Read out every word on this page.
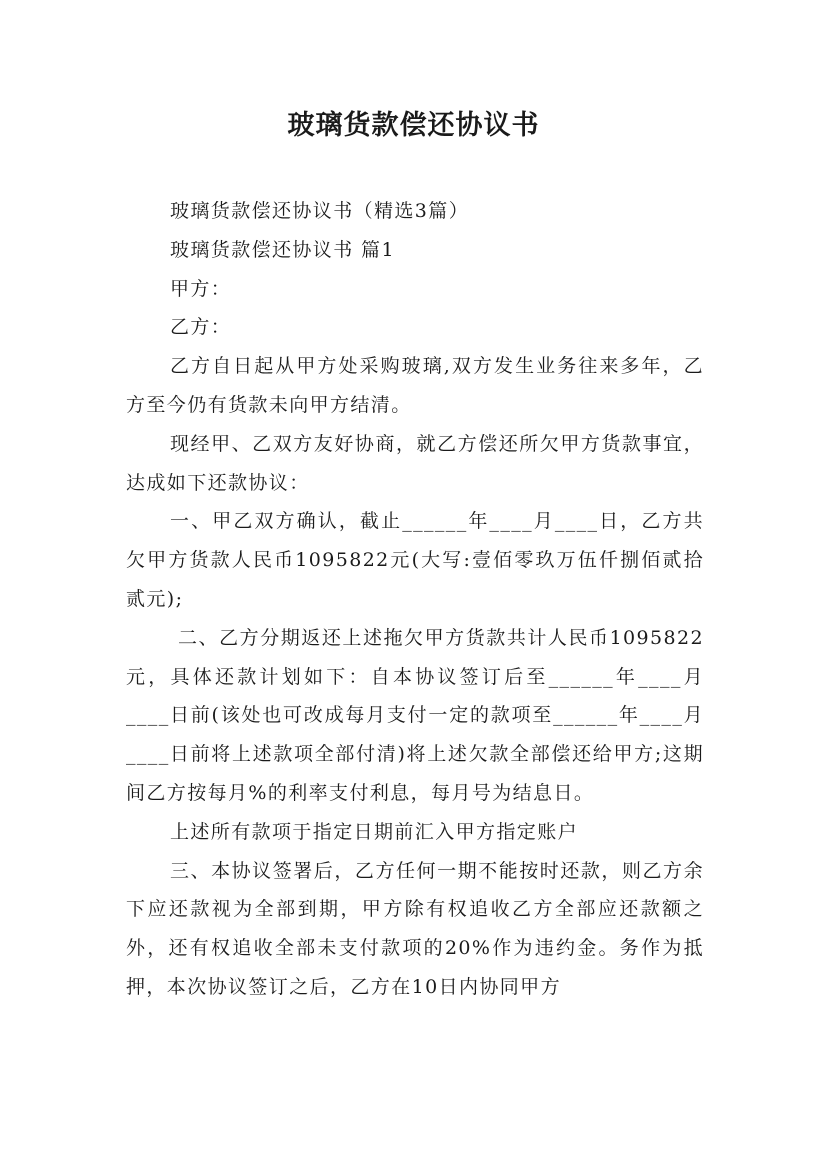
玻璃货款偿还协议书

玻璃货款偿还协议书（精选3篇）

玻璃货款偿还协议书 篇1

甲方：

乙方：

乙方自日起从甲方处采购玻璃,双方发生业务往来多年，乙方至今仍有货款未向甲方结清。

现经甲、乙双方友好协商，就乙方偿还所欠甲方货款事宜，达成如下还款协议：

一、甲乙双方确认，截止______年____月____日，乙方共欠甲方货款人民币1095822元(大写:壹佰零玖万伍仟捌佰贰拾贰元);

二、乙方分期返还上述拖欠甲方货款共计人民币1095822元，具体还款计划如下：自本协议签订后至______年____月____日前(该处也可改成每月支付一定的款项至______年____月____日前将上述款项全部付清)将上述欠款全部偿还给甲方;这期间乙方按每月%的利率支付利息，每月号为结息日。

上述所有款项于指定日期前汇入甲方指定账户

三、本协议签署后，乙方任何一期不能按时还款，则乙方余下应还款视为全部到期，甲方除有权追收乙方全部应还款额之外，还有权追收全部未支付款项的20%作为违约金。务作为抵押，本次协议签订之后，乙方在10日内协同甲方
